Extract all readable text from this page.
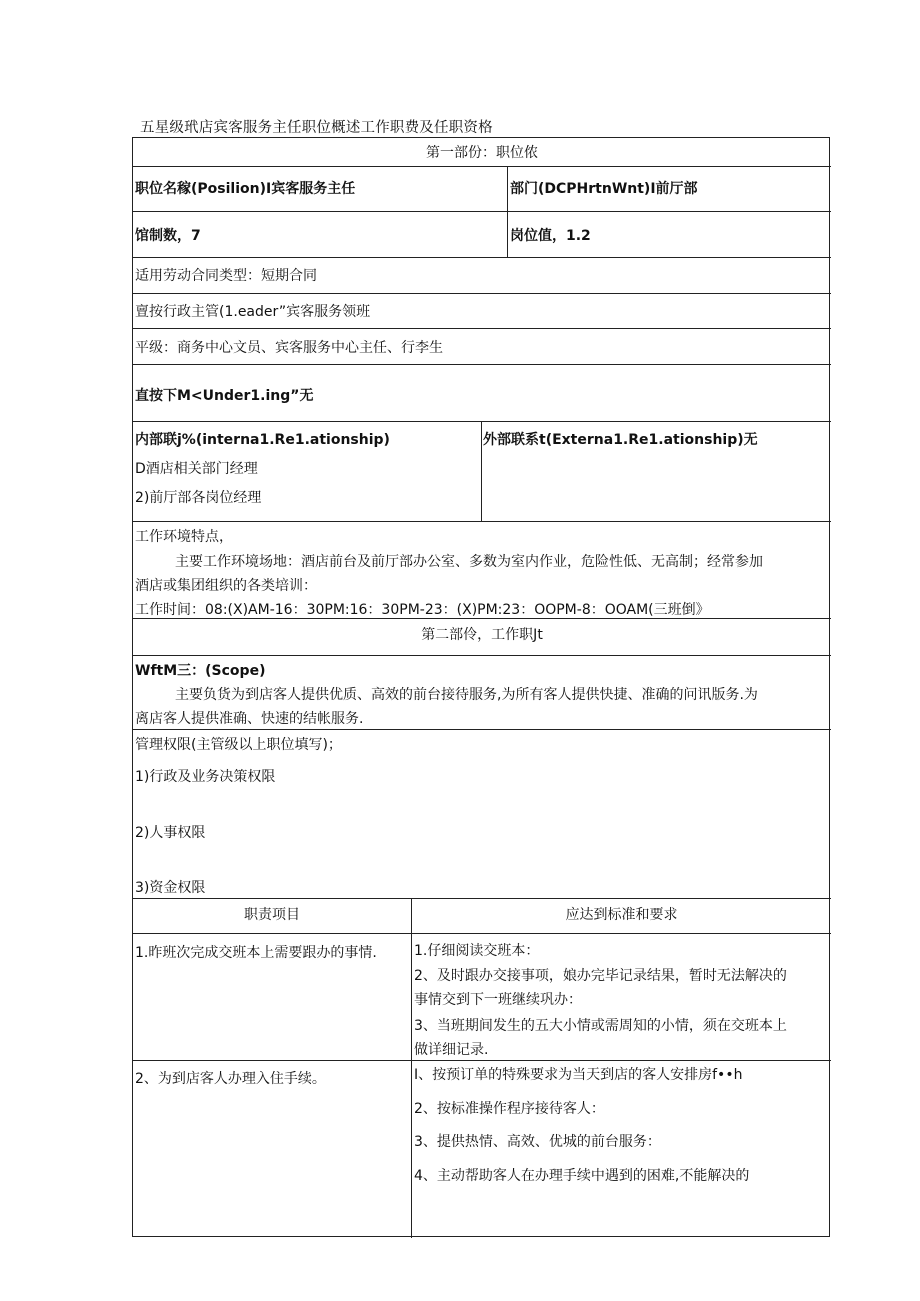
五星级玳店宾客服务主任职位概述工作职费及任职资格
第一部份：职位侬
职位名稼(Posilion)I宾客服务主任	部门(DCPHrtnWnt)I前厅部
馆制数，7	岗位值，1.2
适用劳动合同类型：短期合同
亶按行政主管(1.eader”宾客服务领班
平级：商务中心文员、宾客服务中心主任、行李生
直按下M<Under1.ing”无
内部联j%(interna1.Re1.ationship)
D酒店相关部门经理
2)前厅部各岗位经理
外部联系t(Externa1.Re1.ationship)无
工作环境特点，
主要工作环境场地：酒店前台及前厅部办公室、多数为室内作业，危险性低、无高制；经常参加
酒店或集团组织的各类培训：
工作时间：08:(X)AM-16：30PM:16：30PM-23：(X)PM:23：OOPM-8：OOAM(三班倒》
第二部伶，工作职Jt
WftM三：(Scope)
主要负货为到店客人提供优质、高效的前台接待服务,为所有客人提供快捷、准确的问讯版务.为
离店客人提供准确、快速的结帐服务.
管理权限(主管级以上职位填写)；
1)行政及业务决策权限
2)人事权限
3)资金权限
职责项目	应达到标准和要求
1.昨班次完成交班本上需要跟办的事情.	1.仔细阅读交班本：
2、及时跟办交接事项，娘办完毕记录结果，暂时无法解决的
事情交到下一班继续巩办：
3、当班期间发生的五大小情或需周知的小情，须在交班本上
做详细记录.
2、为到店客人办理入住手续。	I、按预订单的特殊要求为当天到店的客人安排房f••h
2、按标准操作程序接待客人：
3、提供热情、高效、优城的前台服务：
4、主动帮助客人在办理手续中遇到的困难,不能解决的
